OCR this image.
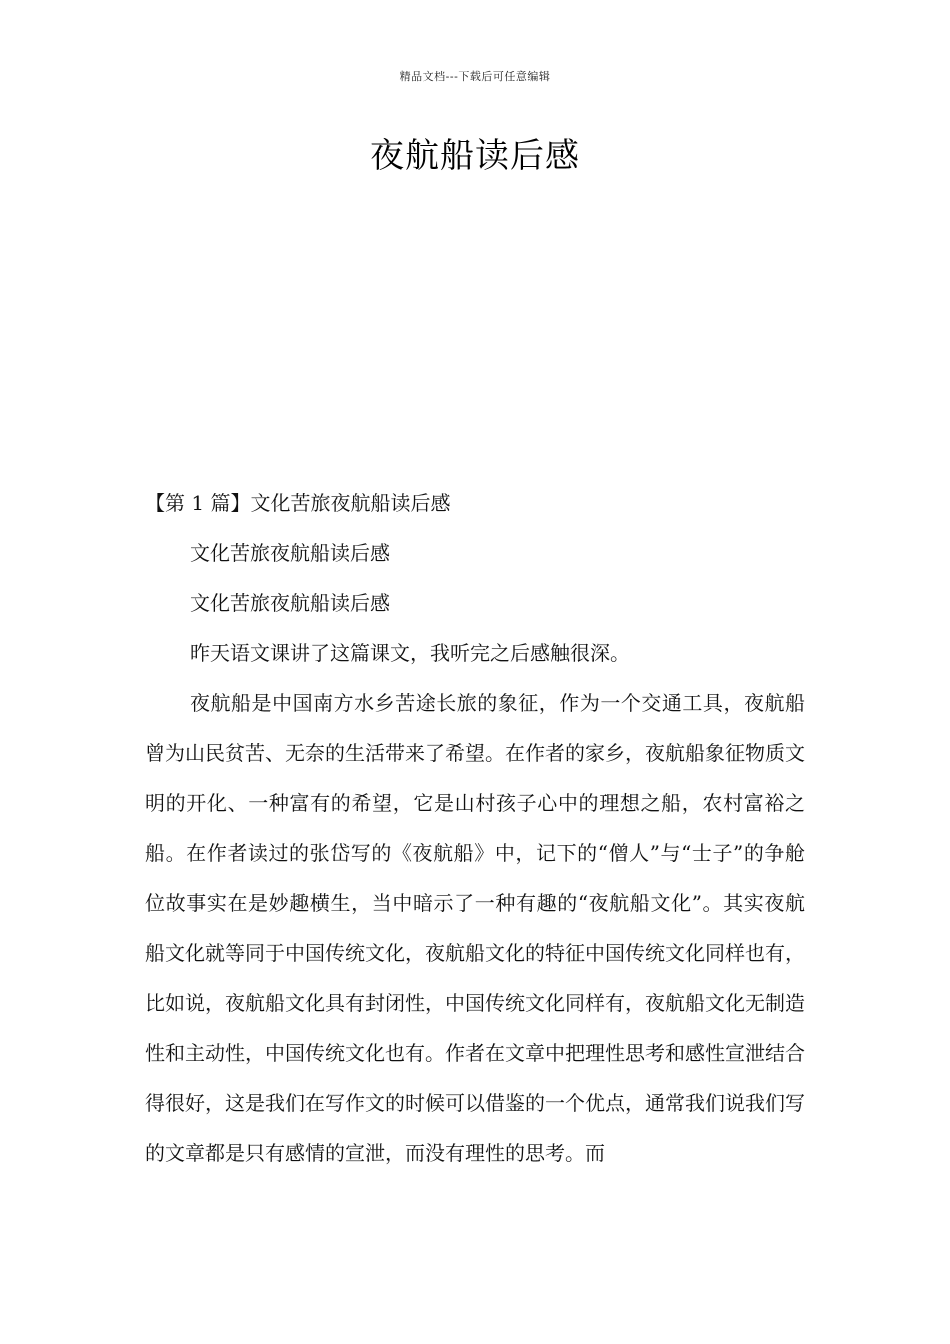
精品文档---下载后可任意编辑
夜航船读后感

【第 1 篇】文化苦旅夜航船读后感

文化苦旅夜航船读后感

文化苦旅夜航船读后感

昨天语文课讲了这篇课文，我听完之后感触很深。

夜航船是中国南方水乡苦途长旅的象征，作为一个交通工具，夜航船曾为山民贫苦、无奈的生活带来了希望。在作者的家乡，夜航船象征物质文明的开化、一种富有的希望，它是山村孩子心中的理想之船，农村富裕之船。在作者读过的张岱写的《夜航船》中，记下的“僧人”与“士子”的争舱位故事实在是妙趣横生，当中暗示了一种有趣的“夜航船文化”。其实夜航船文化就等同于中国传统文化，夜航船文化的特征中国传统文化同样也有，比如说，夜航船文化具有封闭性，中国传统文化同样有，夜航船文化无制造性和主动性，中国传统文化也有。作者在文章中把理性思考和感性宣泄结合得很好，这是我们在写作文的时候可以借鉴的一个优点，通常我们说我们写的文章都是只有感情的宣泄，而没有理性的思考。而
